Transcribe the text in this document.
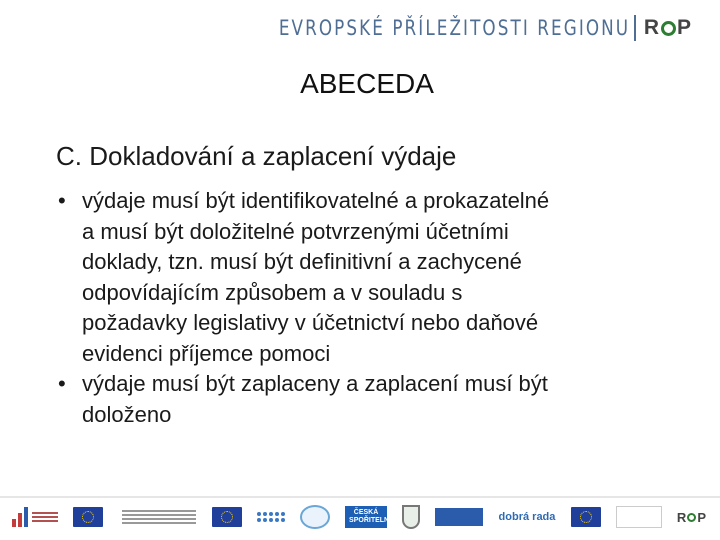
EVROPSKÉ PŘÍLEŽITOSTI REGIONU R P
ABECEDA
C. Dokladování a zaplacení výdaje
• výdaje musí být identifikovatelné a prokazatelné
a musí být doložitelné potvrzenými účetními
doklady, tzn. musí být definitivní a zachycené
odpovídajícím způsobem a v souladu s
požadavky legislativy v účetnictví nebo daňové
evidenci příjemce pomoci
• výdaje musí být zaplaceny a zaplacení musí být
doloženo
ČESKÁ SPOŘITELNA	dobrá rada	R P
